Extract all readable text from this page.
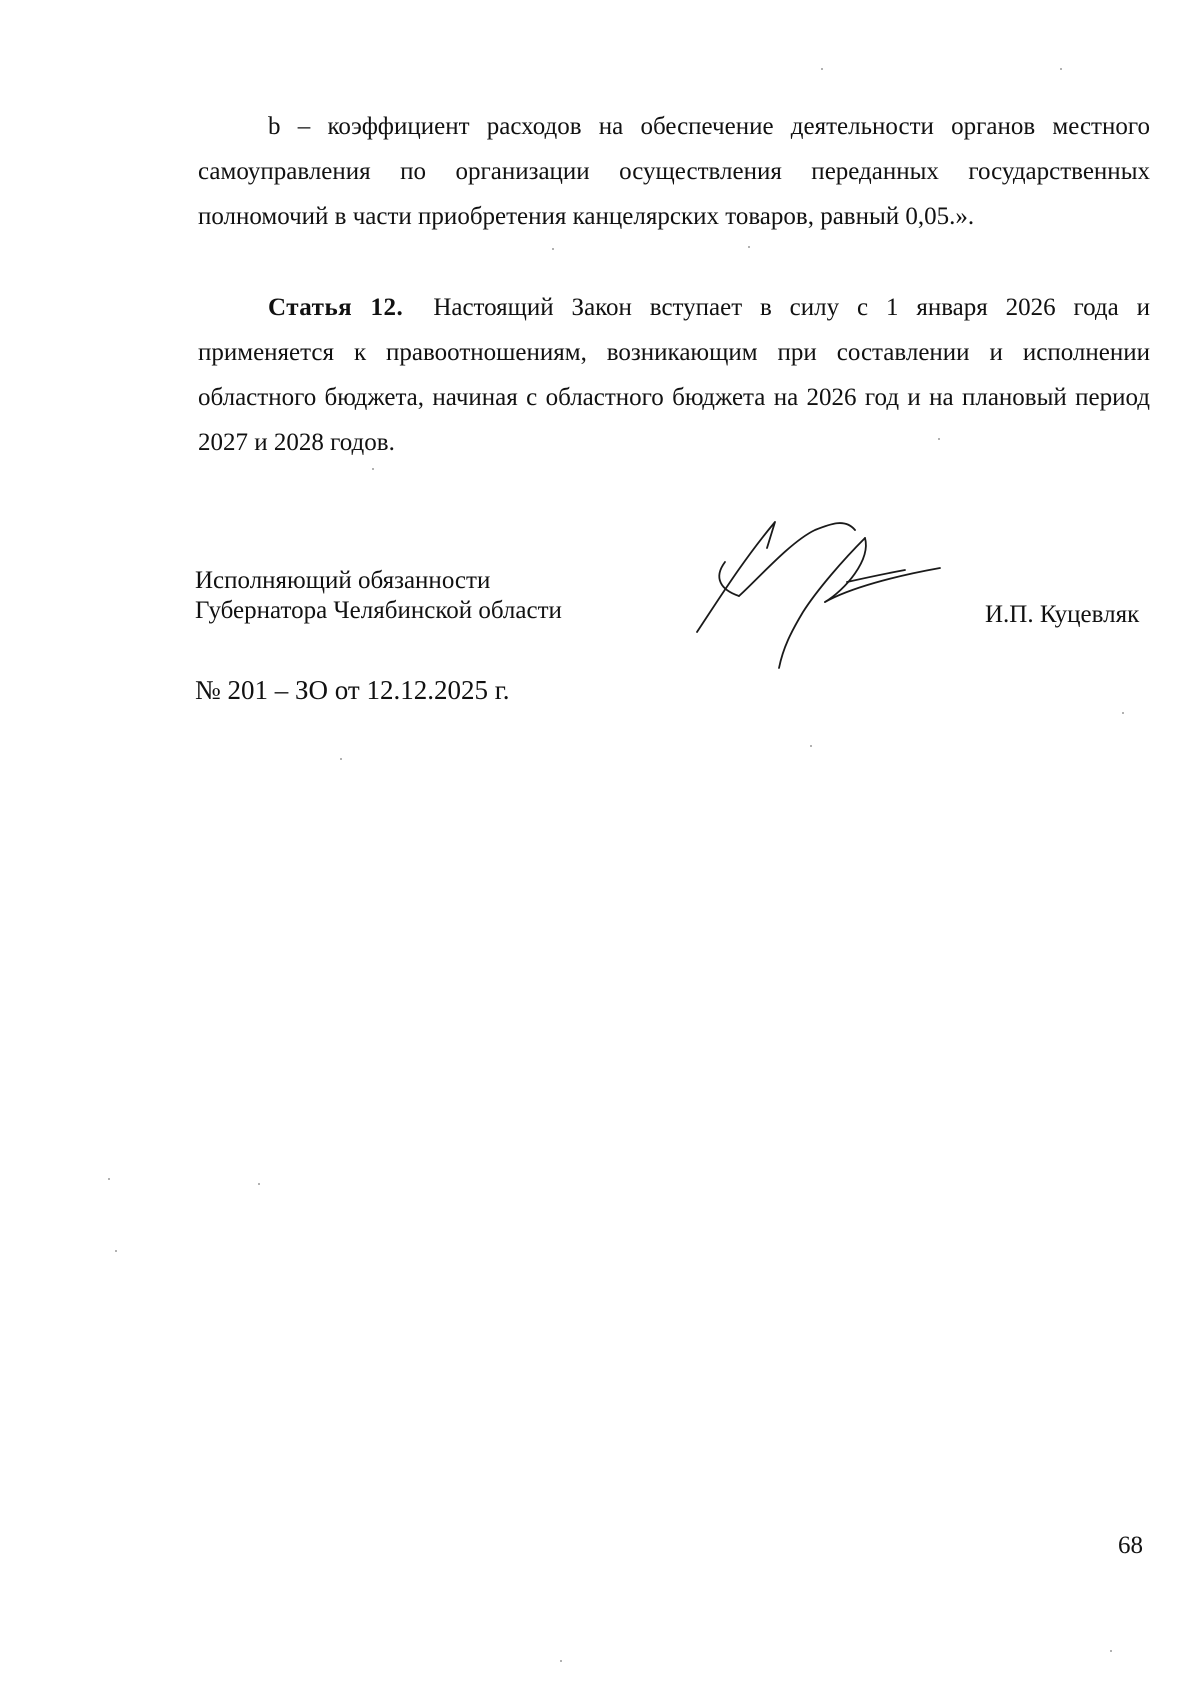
b – коэффициент расходов на обеспечение деятельности органов местного самоуправления по организации осуществления переданных государственных полномочий в части приобретения канцелярских товаров, равный 0,05.».

Статья 12. Настоящий Закон вступает в силу с 1 января 2026 года и применяется к правоотношениям, возникающим при составлении и исполнении областного бюджета, начиная с областного бюджета на 2026 год и на плановый период 2027 и 2028 годов.

Исполняющий обязанности
Губернатора Челябинской области	И.П. Куцевляк
№ 201 – ЗО от 12.12.2025 г.
68
